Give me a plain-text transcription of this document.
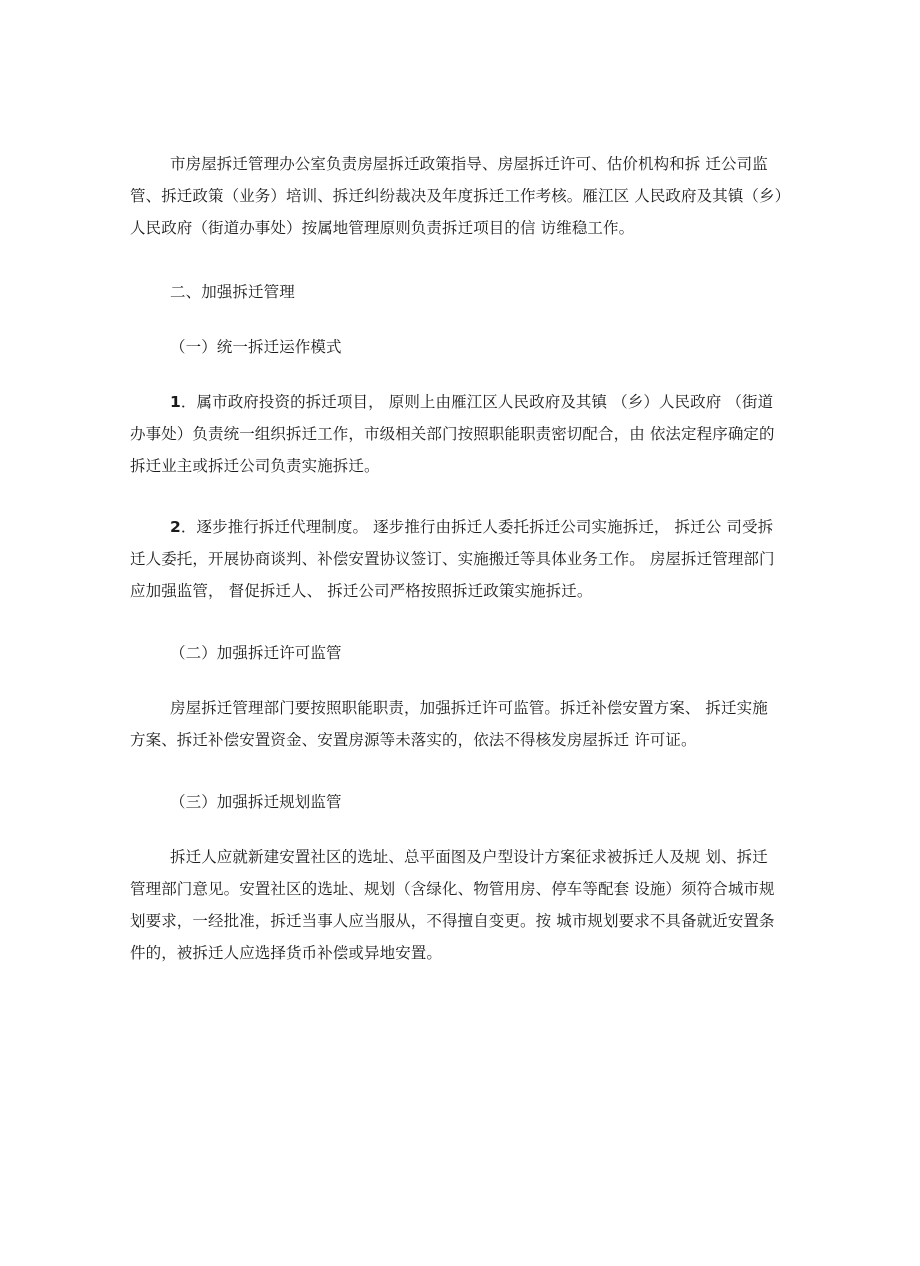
市房屋拆迁管理办公室负责房屋拆迁政策指导、房屋拆迁许可、估价机构和拆 迁公司监
管、拆迁政策（业务）培训、拆迁纠纷裁决及年度拆迁工作考核。雁江区 人民政府及其镇（乡）
人民政府（街道办事处）按属地管理原则负责拆迁项目的信 访维稳工作。
二、加强拆迁管理
（一）统一拆迁运作模式
1．属市政府投资的拆迁项目， 原则上由雁江区人民政府及其镇 （乡）人民政府 （街道
办事处）负责统一组织拆迁工作，市级相关部门按照职能职责密切配合，由 依法定程序确定的
拆迁业主或拆迁公司负责实施拆迁。
2．逐步推行拆迁代理制度。 逐步推行由拆迁人委托拆迁公司实施拆迁， 拆迁公 司受拆
迁人委托，开展协商谈判、补偿安置协议签订、实施搬迁等具体业务工作。 房屋拆迁管理部门
应加强监管， 督促拆迁人、 拆迁公司严格按照拆迁政策实施拆迁。
（二）加强拆迁许可监管
房屋拆迁管理部门要按照职能职责，加强拆迁许可监管。拆迁补偿安置方案、 拆迁实施
方案、拆迁补偿安置资金、安置房源等未落实的，依法不得核发房屋拆迁 许可证。
（三）加强拆迁规划监管
拆迁人应就新建安置社区的选址、总平面图及户型设计方案征求被拆迁人及规 划、拆迁
管理部门意见。安置社区的选址、规划（含绿化、物管用房、停车等配套 设施）须符合城市规
划要求，一经批准，拆迁当事人应当服从，不得擅自变更。按 城市规划要求不具备就近安置条
件的，被拆迁人应选择货币补偿或异地安置。
